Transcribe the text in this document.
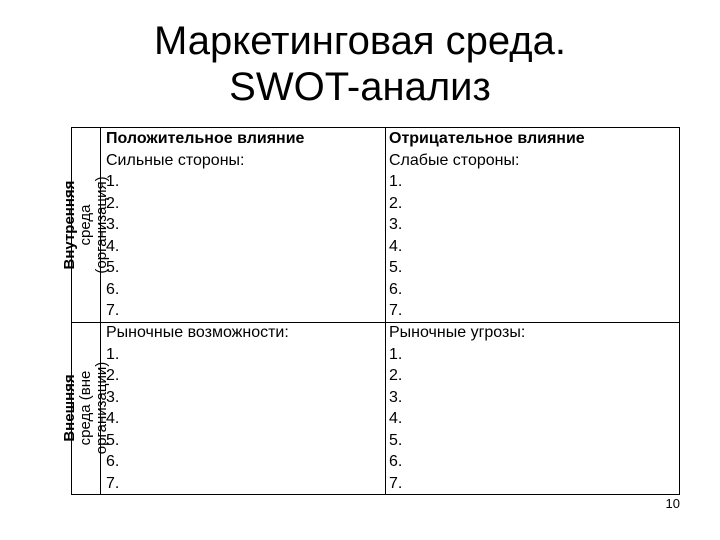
Маркетинговая среда.
SWOT-анализ
Внутренняя среда (организация)
Внешняя среда (вне организации)
Положительное влияние
Сильные стороны:
1.
2.
3.
4.
5.
6.
7.
Отрицательное влияние
Слабые стороны:
1.
2.
3.
4.
5.
6.
7.
Рыночные возможности:
1.
2.
3.
4.
5.
6.
7.
Рыночные угрозы:
1.
2.
3.
4.
5.
6.
7.
10
